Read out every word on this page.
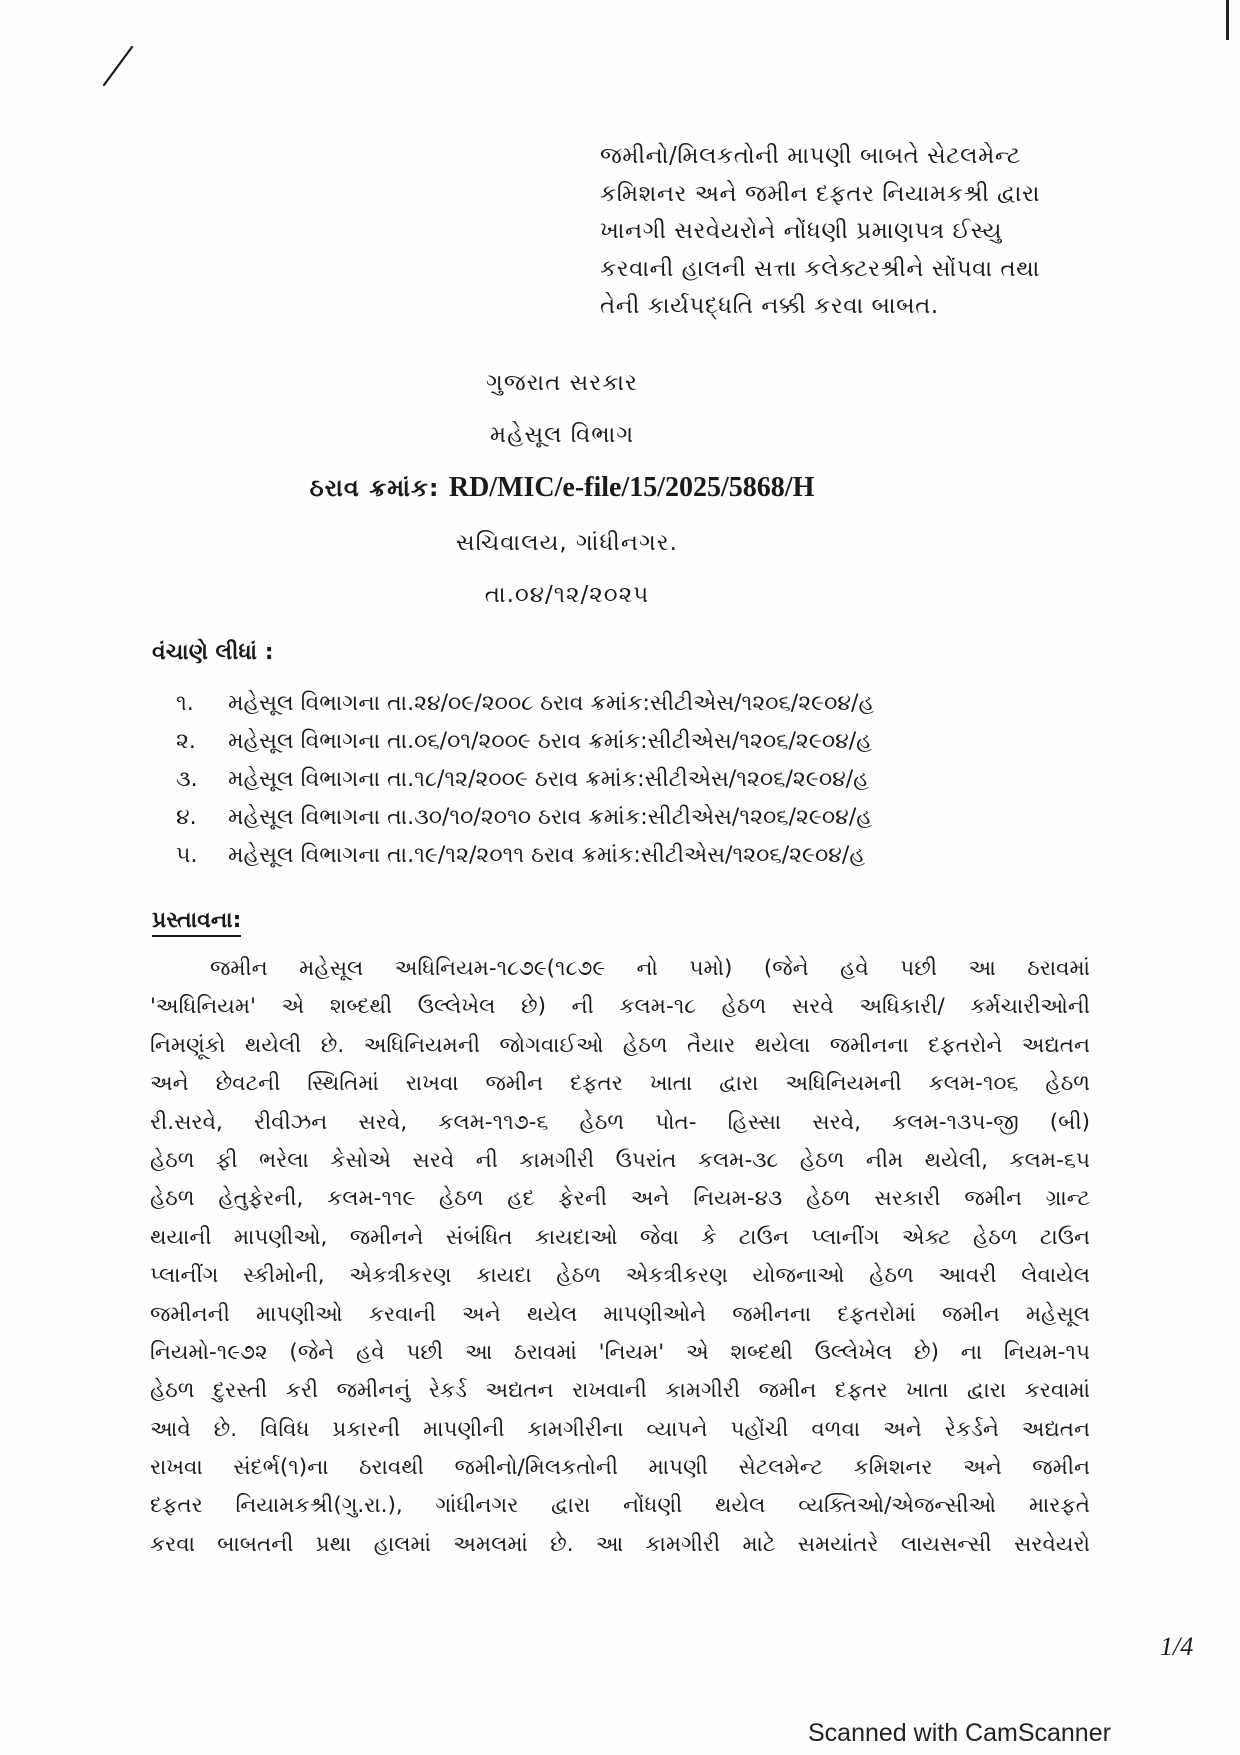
જમીનો/મિલકતોની માપણી બાબતે સેટલમેન્ટ
કમિશનર અને જમીન દફતર નિયામકશ્રી દ્વારા
ખાનગી સરવેયરોને નોંધણી પ્રમાણપત્ર ઈસ્યુ
કરવાની હાલની સત્તા કલેક્ટરશ્રીને સોંપવા તથા
તેની કાર્યપદ્ધતિ નક્કી કરવા બાબત.
ગુજરાત સરકાર
મહેસૂલ વિભાગ
ઠરાવ ક્રમાંક: RD/MIC/e-file/15/2025/5868/H
સચિવાલય, ગાંધીનગર.
તા.૦૪/૧૨/૨૦૨૫
વંચાણે લીધાં :
૧. મહેસૂલ વિભાગના તા.૨૪/૦૯/૨૦૦૮ ઠરાવ ક્રમાંક:સીટીએસ/૧૨૦૬/૨૯૦૪/હ
૨. મહેસૂલ વિભાગના તા.૦૬/૦૧/૨૦૦૯ ઠરાવ ક્રમાંક:સીટીએસ/૧૨૦૬/૨૯૦૪/હ
૩. મહેસૂલ વિભાગના તા.૧૮/૧૨/૨૦૦૯ ઠરાવ ક્રમાંક:સીટીએસ/૧૨૦૬/૨૯૦૪/હ
૪. મહેસૂલ વિભાગના તા.૩૦/૧૦/૨૦૧૦ ઠરાવ ક્રમાંક:સીટીએસ/૧૨૦૬/૨૯૦૪/હ
૫. મહેસૂલ વિભાગના તા.૧૯/૧૨/૨૦૧૧ ઠરાવ ક્રમાંક:સીટીએસ/૧૨૦૬/૨૯૦૪/હ
પ્રસ્તાવના:
જમીન મહેસૂલ અધિનિયમ-૧૮૭૯(૧૮૭૯ નો ૫મો) (જેને હવે પછી આ ઠરાવમાં
'અધિનિયમ' એ શબ્દથી ઉલ્લેખેલ છે) ની કલમ-૧૮ હેઠળ સરવે અધિકારી/ કર્મચારીઓની
નિમણૂંકો થયેલી છે. અધિનિયમની જોગવાઈઓ હેઠળ તૈયાર થયેલા જમીનના દફતરોને અદ્યતન
અને છેવટની સ્થિતિમાં રાખવા જમીન દફતર ખાતા દ્વારા અધિનિયમની કલમ-૧૦૬ હેઠળ
રી.સરવે, રીવીઝન સરવે, કલમ-૧૧૭-૬ હેઠળ પોત- હિસ્સા સરવે, કલમ-૧૩૫-જી (બી)
હેઠળ ફી ભરેલા કેસોએ સરવે ની કામગીરી ઉપરાંત કલમ-૩૮ હેઠળ નીમ થયેલી, કલમ-૬૫
હેઠળ હેતુફેરની, કલમ-૧૧૯ હેઠળ હદ ફેરની અને નિયમ-૪૩ હેઠળ સરકારી જમીન ગ્રાન્ટ
થયાની માપણીઓ, જમીનને સંબંધિત કાયદાઓ જેવા કે ટાઉન પ્લાનીંગ એક્ટ હેઠળ ટાઉન
પ્લાનીંગ સ્કીમોની, એકત્રીકરણ કાયદા હેઠળ એકત્રીકરણ યોજનાઓ હેઠળ આવરી લેવાયેલ
જમીનની માપણીઓ કરવાની અને થયેલ માપણીઓને જમીનના દફતરોમાં જમીન મહેસૂલ
નિયમો-૧૯૭૨ (જેને હવે પછી આ ઠરાવમાં 'નિયમ' એ શબ્દથી ઉલ્લેખેલ છે) ના નિયમ-૧૫
હેઠળ દુરસ્તી કરી જમીનનું રેકર્ડ અદ્યતન રાખવાની કામગીરી જમીન દફતર ખાતા દ્વારા કરવામાં
આવે છે. વિવિધ પ્રકારની માપણીની કામગીરીના વ્યાપને પહોંચી વળવા અને રેકર્ડને અદ્યતન
રાખવા સંદર્ભ(૧)ના ઠરાવથી જમીનો/મિલકતોની માપણી સેટલમેન્ટ કમિશનર અને જમીન
દફતર નિયામકશ્રી(ગુ.રા.), ગાંધીનગર દ્વારા નોંધણી થયેલ વ્યક્તિઓ/એજન્સીઓ મારફતે
કરવા બાબતની પ્રથા હાલમાં અમલમાં છે. આ કામગીરી માટે સમયાંતરે લાયસન્સી સરવેયરો
1/4
Scanned with CamScanner
